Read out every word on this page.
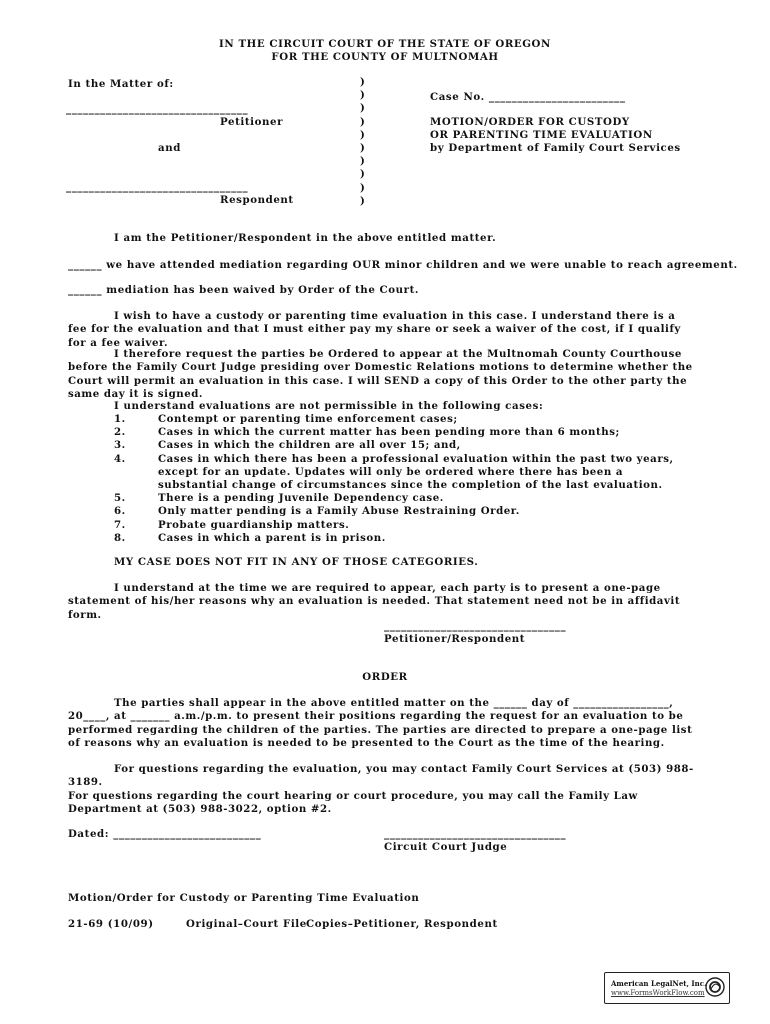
IN THE CIRCUIT COURT OF THE STATE OF OREGON
FOR THE COUNTY OF MULTNOMAH
In the Matter of:
________________________________
Petitioner
and
________________________________
Respondent
)
)
)
)
)
)
)
)
)
)
Case No. ________________________
MOTION/ORDER FOR CUSTODY
OR PARENTING TIME EVALUATION
by Department of Family Court Services
I am the Petitioner/Respondent in the above entitled matter.
______ we have attended mediation regarding OUR minor children and we were unable to reach agreement.
______ mediation has been waived by Order of the Court.

I wish to have a custody or parenting time evaluation in this case. I understand there is a fee for the evaluation and that I must either pay my share or seek a waiver of the cost, if I qualify for a fee waiver.

I therefore request the parties be Ordered to appear at the Multnomah County Courthouse before the Family Court Judge presiding over Domestic Relations motions to determine whether the Court will permit an evaluation in this case. I will SEND a copy of this Order to the other party the same day it is signed.

I understand evaluations are not permissible in the following cases:
1.	Contempt or parenting time enforcement cases;
2.	Cases in which the current matter has been pending more than 6 months;
3.	Cases in which the children are all over 15; and,
4.	Cases in which there has been a professional evaluation within the past two years, except for an update. Updates will only be ordered where there has been a substantial change of circumstances since the completion of the last evaluation.
5.	There is a pending Juvenile Dependency case.
6.	Only matter pending is a Family Abuse Restraining Order.
7.	Probate guardianship matters.
8.	Cases in which a parent is in prison.
MY CASE DOES NOT FIT IN ANY OF THOSE CATEGORIES.

I understand at the time we are required to appear, each party is to present a one-page statement of his/her reasons why an evaluation is needed. That statement need not be in affidavit form.

________________________________
Petitioner/Respondent
ORDER

The parties shall appear in the above entitled matter on the ______ day of _________________, 20____, at _______ a.m./p.m. to present their positions regarding the request for an evaluation to be performed regarding the children of the parties. The parties are directed to prepare a one-page list of reasons why an evaluation is needed to be presented to the Court as the time of the hearing.

For questions regarding the evaluation, you may contact Family Court Services at (503) 988-3189.

For questions regarding the court hearing or court procedure, you may call the Family Law Department at (503) 988-3022, option #2.

Dated: __________________________	________________________________
Circuit Court Judge
Motion/Order for Custody or Parenting Time Evaluation
21-69 (10/09)	Original–Court File Copies–Petitioner, Respondent
American LegalNet, Inc.
www.FormsWorkFlow.com
